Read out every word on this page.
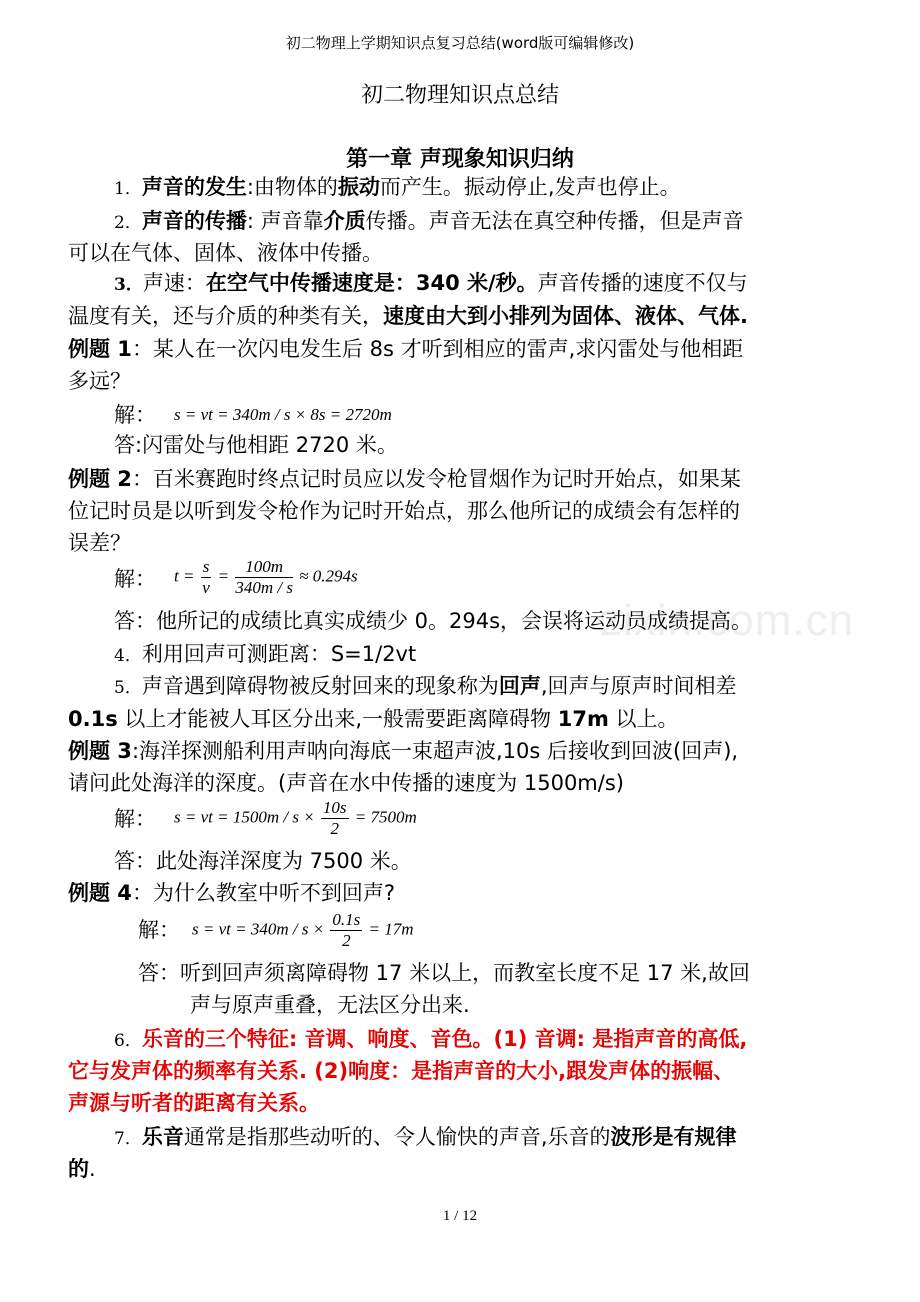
初二物理上学期知识点复习总结(word版可编辑修改)
初二物理知识点总结
第一章 声现象知识归纳
zixin.com.cn
1．声音的发生:由物体的振动而产生。振动停止,发声也停止。
2．声音的传播: 声音靠介质传播。声音无法在真空种传播，但是声音
可以在气体、固体、液体中传播。
3．声速：在空气中传播速度是：340 米/秒。声音传播的速度不仅与
温度有关，还与介质的种类有关，速度由大到小排列为固体、液体、气体.
例题 1：某人在一次闪电发生后 8s 才听到相应的雷声,求闪雷处与他相距
多远？
解：	s = vt = 340m / s × 8s = 2720m
答:闪雷处与他相距 2720 米。
例题 2：百米赛跑时终点记时员应以发令枪冒烟作为记时开始点，如果某
位记时员是以听到发令枪作为记时开始点，那么他所记的成绩会有怎样的
误差？
解：	$t = \frac{s}{v} = \frac{100m}{340m / s} \approx 0.294s$
答：他所记的成绩比真实成绩少 0。294s，会误将运动员成绩提高。
4．利用回声可测距离：S=1/2vt
5．声音遇到障碍物被反射回来的现象称为回声,回声与原声时间相差
0.1s 以上才能被人耳区分出来,一般需要距离障碍物 17m 以上。
例题 3:海洋探测船利用声呐向海底一束超声波,10s 后接收到回波(回声),
请问此处海洋的深度。(声音在水中传播的速度为 1500m/s)
解：	s = vt = $1500m / s \times \frac{10s}{2} = 7500m$
答：此处海洋深度为 7500 米。
例题 4：为什么教室中听不到回声?
解： s = vt = $340m / s \times \frac{0.1s}{2} = 17m$
答：听到回声须离障碍物 17 米以上，而教室长度不足 17 米,故回
声与原声重叠，无法区分出来.
6．乐音的三个特征: 音调、响度、音色。(1) 音调: 是指声音的高低,
它与发声体的频率有关系. (2)响度：是指声音的大小,跟发声体的振幅、
声源与听者的距离有关系。
7．乐音通常是指那些动听的、令人愉快的声音,乐音的波形是有规律
的.
1 / 12
